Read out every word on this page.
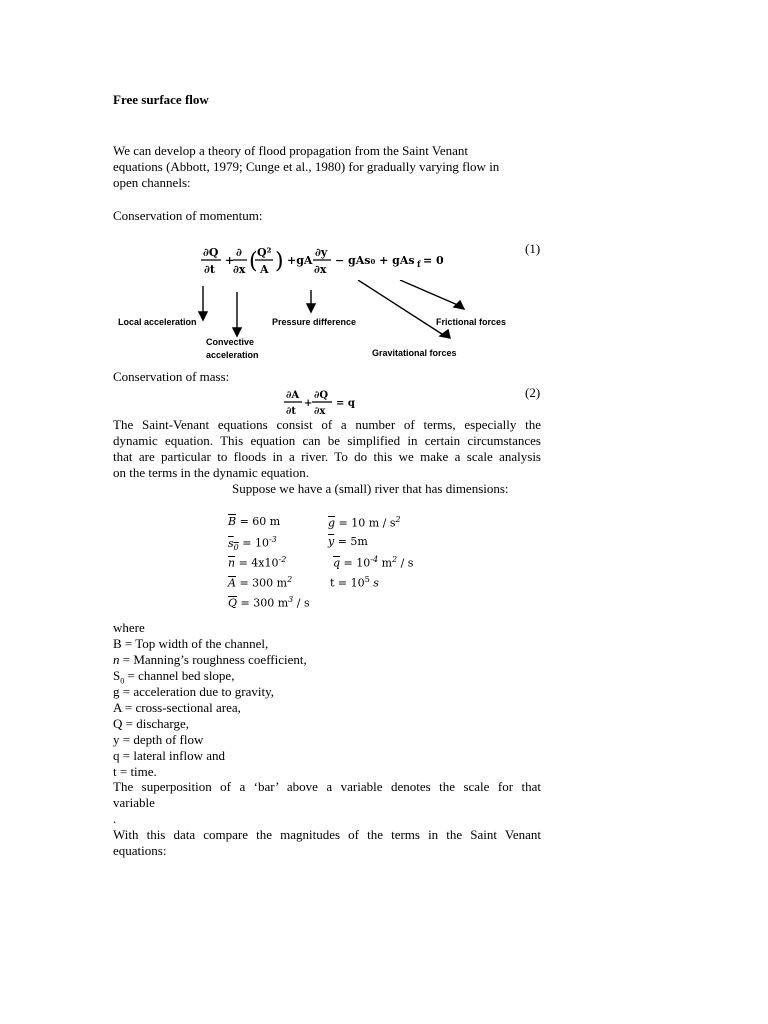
Free surface flow
We can develop a theory of flood propagation from the Saint Venant
equations (Abbott, 1979; Cunge et al., 1980) for gradually varying flow in
open channels:
Conservation of momentum:
(1)
∂Q
∂t
+
∂
∂x ( Q²
A ) +gA
∂y
∂x
− gAs₀ + gAs f = 0
Local acceleration
Convective
acceleration
Pressure difference
Gravitational forces
Frictional forces
Conservation of mass:
∂A
∂t
+
∂Q
∂x
= q
(2)
The Saint-Venant equations consist of a number of terms, especially the
dynamic equation. This equation can be simplified in certain circumstances
that are particular to floods in a river. To do this we make a scale analysis
on the terms in the dynamic equation.
Suppose we have a (small) river that has dimensions:
$\overline{B} = 60$ m
$s_0 = 10^{-3}$
$\overline{n} = 4x10^{-2}$
$\overline{A} = 300$ $m^2$
$\overline{Q} = 300$ $m^3$ / s
$\overline{g} = 10$ m / $s^2$
$\overline{y} = 5m$
$\overline{q} = 10^{-4}$ $m^2$ / s
$t = 10^5$ s
where
B = Top width of the channel,
n = Manning’s roughness coefficient,
$S_0$ = channel bed slope,
g = acceleration due to gravity,
A = cross-sectional area,
Q = discharge,
y = depth of flow
q = lateral inflow and
t = time.
The superposition of a ‘bar’ above a variable denotes the scale for that
variable
.
With this data compare the magnitudes of the terms in the Saint Venant
equations:
